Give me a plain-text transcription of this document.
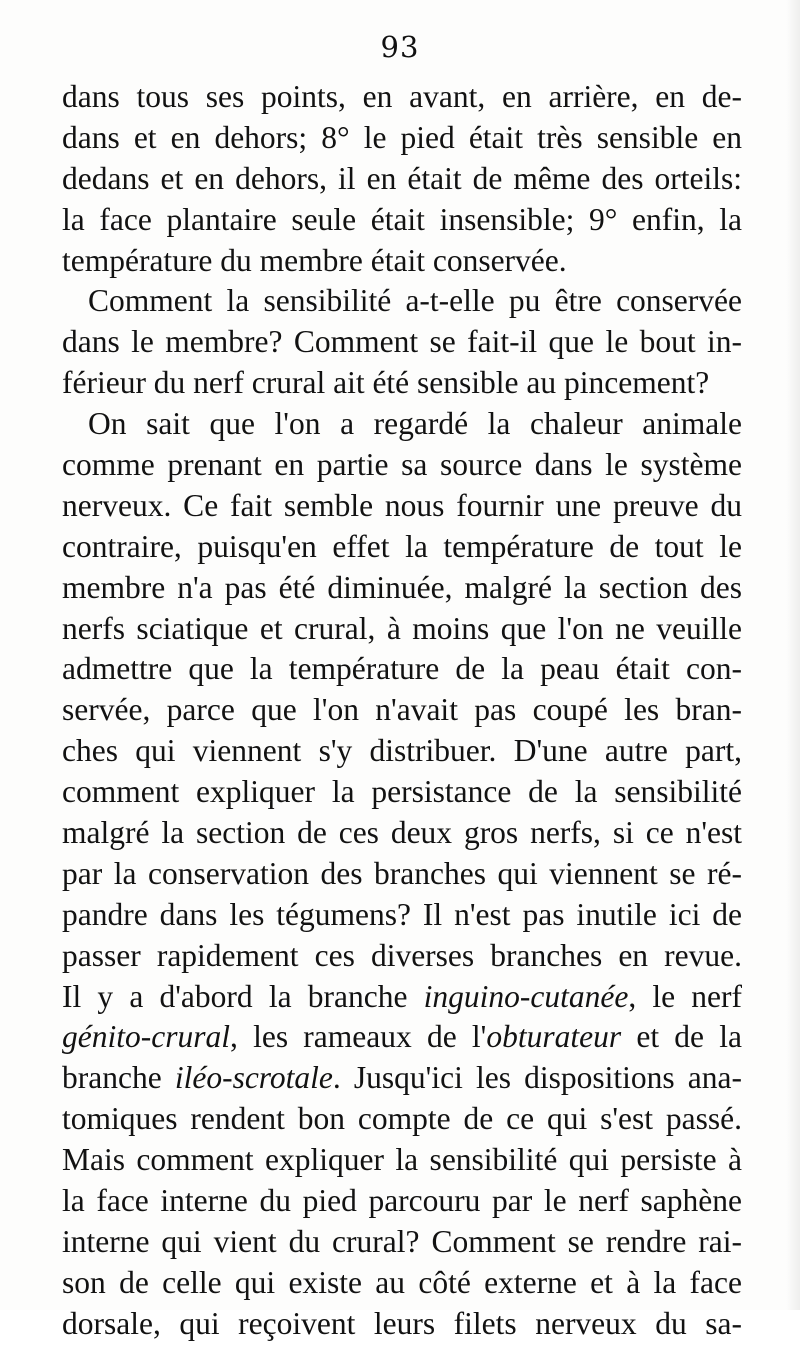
93
dans tous ses points, en avant, en arrière, en de-
dans et en dehors; 8° le pied était très sensible en
dedans et en dehors, il en était de même des orteils:
la face plantaire seule était insensible; 9° enfin, la
température du membre était conservée.
Comment la sensibilité a-t-elle pu être conservée
dans le membre? Comment se fait-il que le bout in-
férieur du nerf crural ait été sensible au pincement?
On sait que l'on a regardé la chaleur animale
comme prenant en partie sa source dans le système
nerveux. Ce fait semble nous fournir une preuve du
contraire, puisqu'en effet la température de tout le
membre n'a pas été diminuée, malgré la section des
nerfs sciatique et crural, à moins que l'on ne veuille
admettre que la température de la peau était con-
servée, parce que l'on n'avait pas coupé les bran-
ches qui viennent s'y distribuer. D'une autre part,
comment expliquer la persistance de la sensibilité
malgré la section de ces deux gros nerfs, si ce n'est
par la conservation des branches qui viennent se ré-
pandre dans les tégumens? Il n'est pas inutile ici de
passer rapidement ces diverses branches en revue.
Il y a d'abord la branche inguino-cutanée, le nerf
génito-crural, les rameaux de l'obturateur et de la
branche iléo-scrotale. Jusqu'ici les dispositions ana-
tomiques rendent bon compte de ce qui s'est passé.
Mais comment expliquer la sensibilité qui persiste à
la face interne du pied parcouru par le nerf saphène
interne qui vient du crural? Comment se rendre rai-
son de celle qui existe au côté externe et à la face
dorsale, qui reçoivent leurs filets nerveux du sa-
